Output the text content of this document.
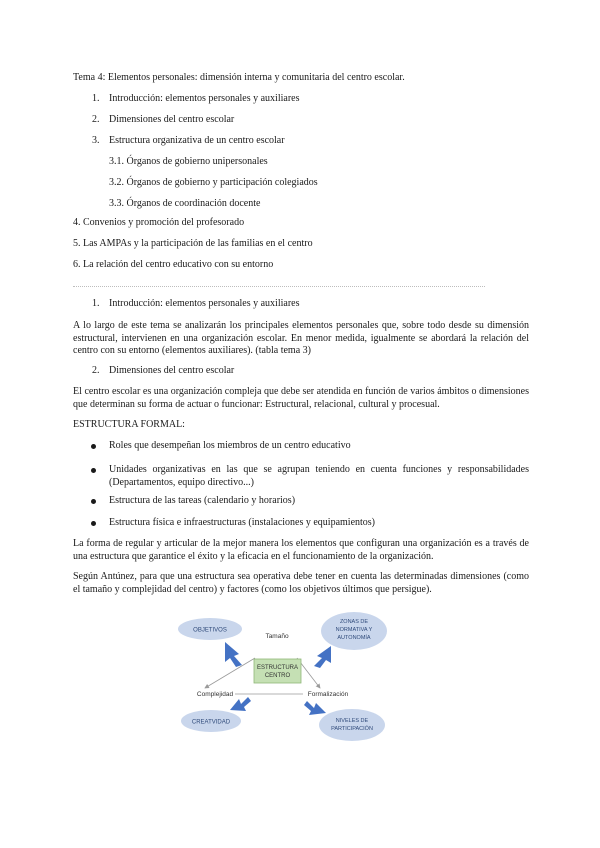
Tema 4: Elementos personales: dimensión interna y comunitaria del centro escolar.
1. Introducción: elementos personales y auxiliares
2. Dimensiones del centro escolar
3. Estructura organizativa de un centro escolar
3.1. Órganos de gobierno unipersonales
3.2. Órganos de gobierno y participación colegiados
3.3. Órganos de coordinación docente
4. Convenios y promoción del profesorado
5. Las AMPAs y la participación de las familias en el centro
6. La relación del centro educativo con su entorno
1. Introducción: elementos personales y auxiliares
A lo largo de este tema se analizarán los principales elementos personales que, sobre todo desde su dimensión estructural, intervienen en una organización escolar. En menor medida, igualmente se abordará la relación del centro con su entorno (elementos auxiliares). (tabla tema 3)
2. Dimensiones del centro escolar
El centro escolar es una organización compleja que debe ser atendida en función de varios ámbitos o dimensiones que determinan su forma de actuar o funcionar: Estructural, relacional, cultural y procesual.
ESTRUCTURA FORMAL:
Roles que desempeñan los miembros de un centro educativo
Unidades organizativas en las que se agrupan teniendo en cuenta funciones y responsabilidades (Departamentos, equipo directivo...)
Estructura de las tareas (calendario y horarios)
Estructura física e infraestructuras (instalaciones y equipamientos)
La forma de regular y articular de la mejor manera los elementos que configuran una organización es a través de una estructura que garantice el éxito y la eficacia en el funcionamiento de la organización.
Según Antúnez, para que una estructura sea operativa debe tener en cuenta las determinadas dimensiones (como el tamaño y complejidad del centro) y factores (como los objetivos últimos que persigue).
ESTRUCTURA
CENTRO
Tamaño
Complejidad	Formalización
OBJETIVOS
ZONAS DE
NORMATIVA Y
AUTONOMÍA
CREATVIDAD	NIVELES DE
PARTICIPACIÓN
